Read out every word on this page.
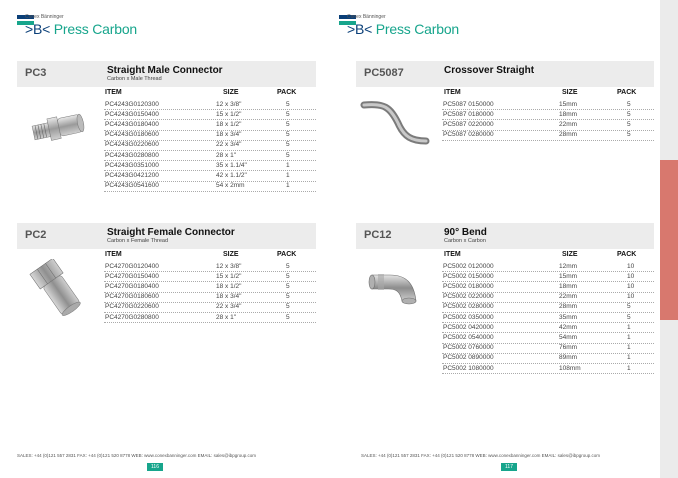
Conex Bänninger
>B< Press Carbon
PC3	Straight Male Connector
Carbon x Male Thread
ITEM	SIZE	PACK
PC4243G0120300	12 x 3/8"	5
PC4243G0150400	15 x 1/2"	5
PC4243G0180400	18 x 1/2"	5
PC4243G0180600	18 x 3/4"	5
PC4243G0220600	22 x 3/4"	5
PC4243G0280800	28 x 1"	5
PC4243G0351000	35 x 1.1/4"	1
PC4243G0421200	42 x 1.1/2"	1
PC4243G0541600	54 x 2mm	1
PC2	Straight Female Connector
Carbon x Female Thread
ITEM	SIZE	PACK
PC4270G0120400	12 x 3/8"	5
PC4270G0150400	15 x 1/2"	5
PC4270G0180400	18 x 1/2"	5
PC4270G0180600	18 x 3/4"	5
PC4270G0220600	22 x 3/4"	5
PC4270G0280800	28 x 1"	5
SALES: +44 (0)121 557 2831 FAX: +44 (0)121 520 8778 WEB: www.conexbanninger.com EMAIL: sales@ibpgroup.com
116
Conex Bänninger
>B< Press Carbon
PC5087	Crossover Straight
ITEM	SIZE	PACK
PC5087 0150000	15mm	5
PC5087 0180000	18mm	5
PC5087 0220000	22mm	5
PC5087 0280000	28mm	5
PC12	90° Bend
Carbon x Carbon
ITEM	SIZE	PACK
PC5002 0120000	12mm	10
PC5002 0150000	15mm	10
PC5002 0180000	18mm	10
PC5002 0220000	22mm	10
PC5002 0280000	28mm	5
PC5002 0350000	35mm	5
PC5002 0420000	42mm	1
PC5002 0540000	54mm	1
PC5002 0760000	76mm	1
PC5002 0890000	89mm	1
PC5002 1080000	108mm	1
SALES: +44 (0)121 557 2831 FAX: +44 (0)121 520 8778 WEB: www.conexbanninger.com EMAIL: sales@ibpgroup.com
117
